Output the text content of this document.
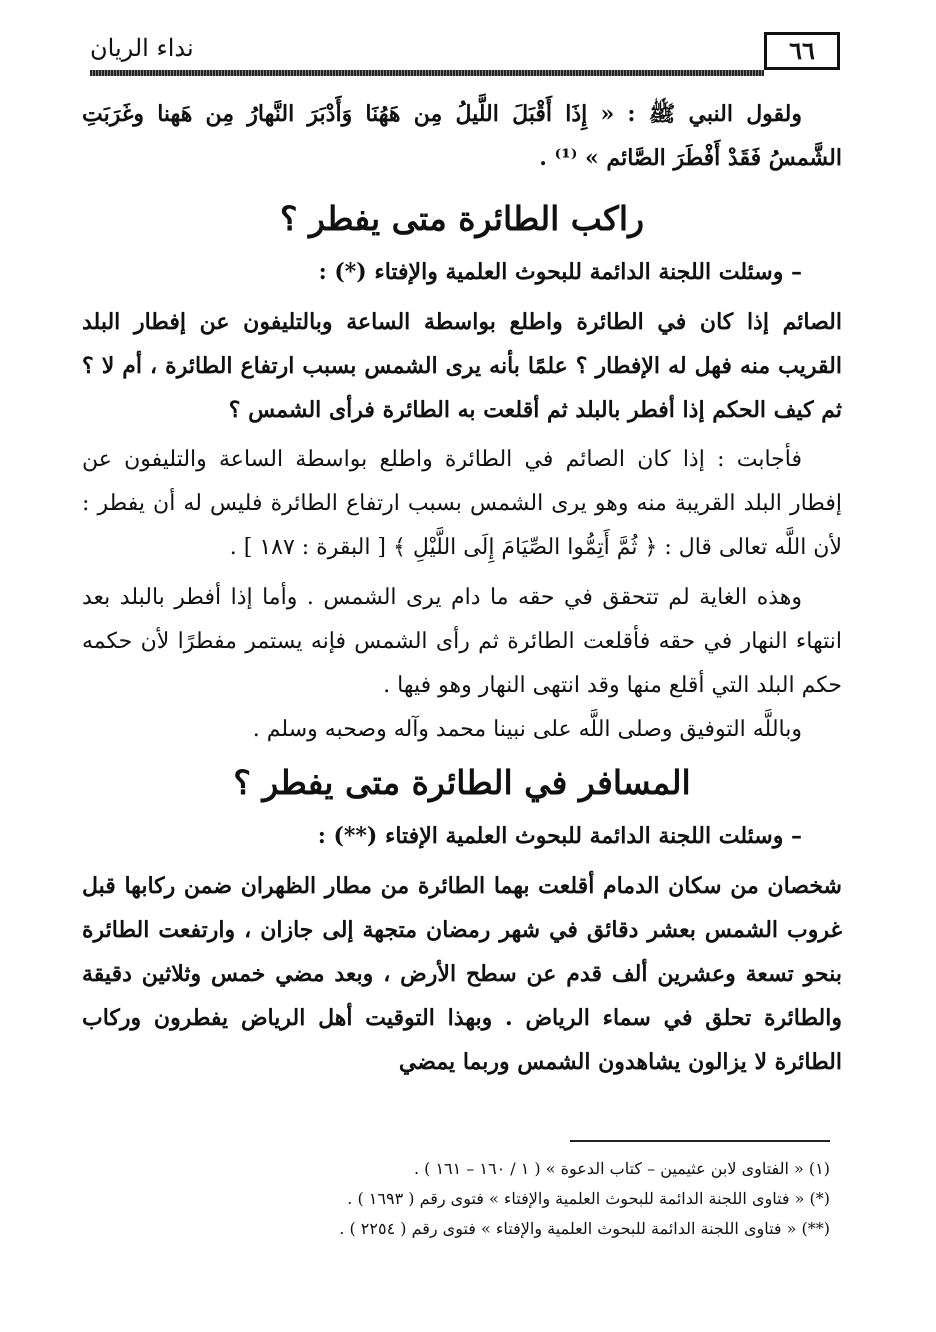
٦٦
نداء الريان

ولقول النبي ﷺ : « إِذَا أَقْبَلَ اللَّيلُ مِن هَهُنَا وَأَدْبَرَ النَّهارُ مِن هَهنا وغَرَبَتِ الشَّمسُ فَقَدْ أَفْطَرَ الصَّائم » ⁽¹⁾ .

راكب الطائرة متى يفطر ؟

– وسئلت اللجنة الدائمة للبحوث العلمية والإفتاء (*) :

الصائم إذا كان في الطائرة واطلع بواسطة الساعة وبالتليفون عن إفطار البلد القريب منه فهل له الإفطار ؟ علمًا بأنه يرى الشمس بسبب ارتفاع الطائرة ، أم لا ؟ ثم كيف الحكم إذا أفطر بالبلد ثم أقلعت به الطائرة فرأى الشمس ؟

فأجابت : إذا كان الصائم في الطائرة واطلع بواسطة الساعة والتليفون عن إفطار البلد القريبة منه وهو يرى الشمس بسبب ارتفاع الطائرة فليس له أن يفطر : لأن اللَّه تعالى قال : ﴿ ثُمَّ أَتِمُّوا الصِّيَامَ إِلَى اللَّيْلِ ﴾ [ البقرة : ١٨٧ ] .

وهذه الغاية لم تتحقق في حقه ما دام يرى الشمس . وأما إذا أفطر بالبلد بعد انتهاء النهار في حقه فأقلعت الطائرة ثم رأى الشمس فإنه يستمر مفطرًا لأن حكمه حكم البلد التي أقلع منها وقد انتهى النهار وهو فيها .

وباللَّه التوفيق وصلى اللَّه على نبينا محمد وآله وصحبه وسلم .

المسافر في الطائرة متى يفطر ؟

– وسئلت اللجنة الدائمة للبحوث العلمية الإفتاء (**) :

شخصان من سكان الدمام أقلعت بهما الطائرة من مطار الظهران ضمن ركابها قبل غروب الشمس بعشر دقائق في شهر رمضان متجهة إلى جازان ، وارتفعت الطائرة بنحو تسعة وعشرين ألف قدم عن سطح الأرض ، وبعد مضي خمس وثلاثين دقيقة والطائرة تحلق في سماء الرياض . وبهذا التوقيت أهل الرياض يفطرون وركاب الطائرة لا يزالون يشاهدون الشمس وربما يمضي

(١) « الفتاوى لابن عثيمين – كتاب الدعوة » ( ١ / ١٦٠ – ١٦١ ) .

(*) « فتاوى اللجنة الدائمة للبحوث العلمية والإفتاء » فتوى رقم ( ١٦٩٣ ) .

(**) « فتاوى اللجنة الدائمة للبحوث العلمية والإفتاء » فتوى رقم ( ٢٢٥٤ ) .
